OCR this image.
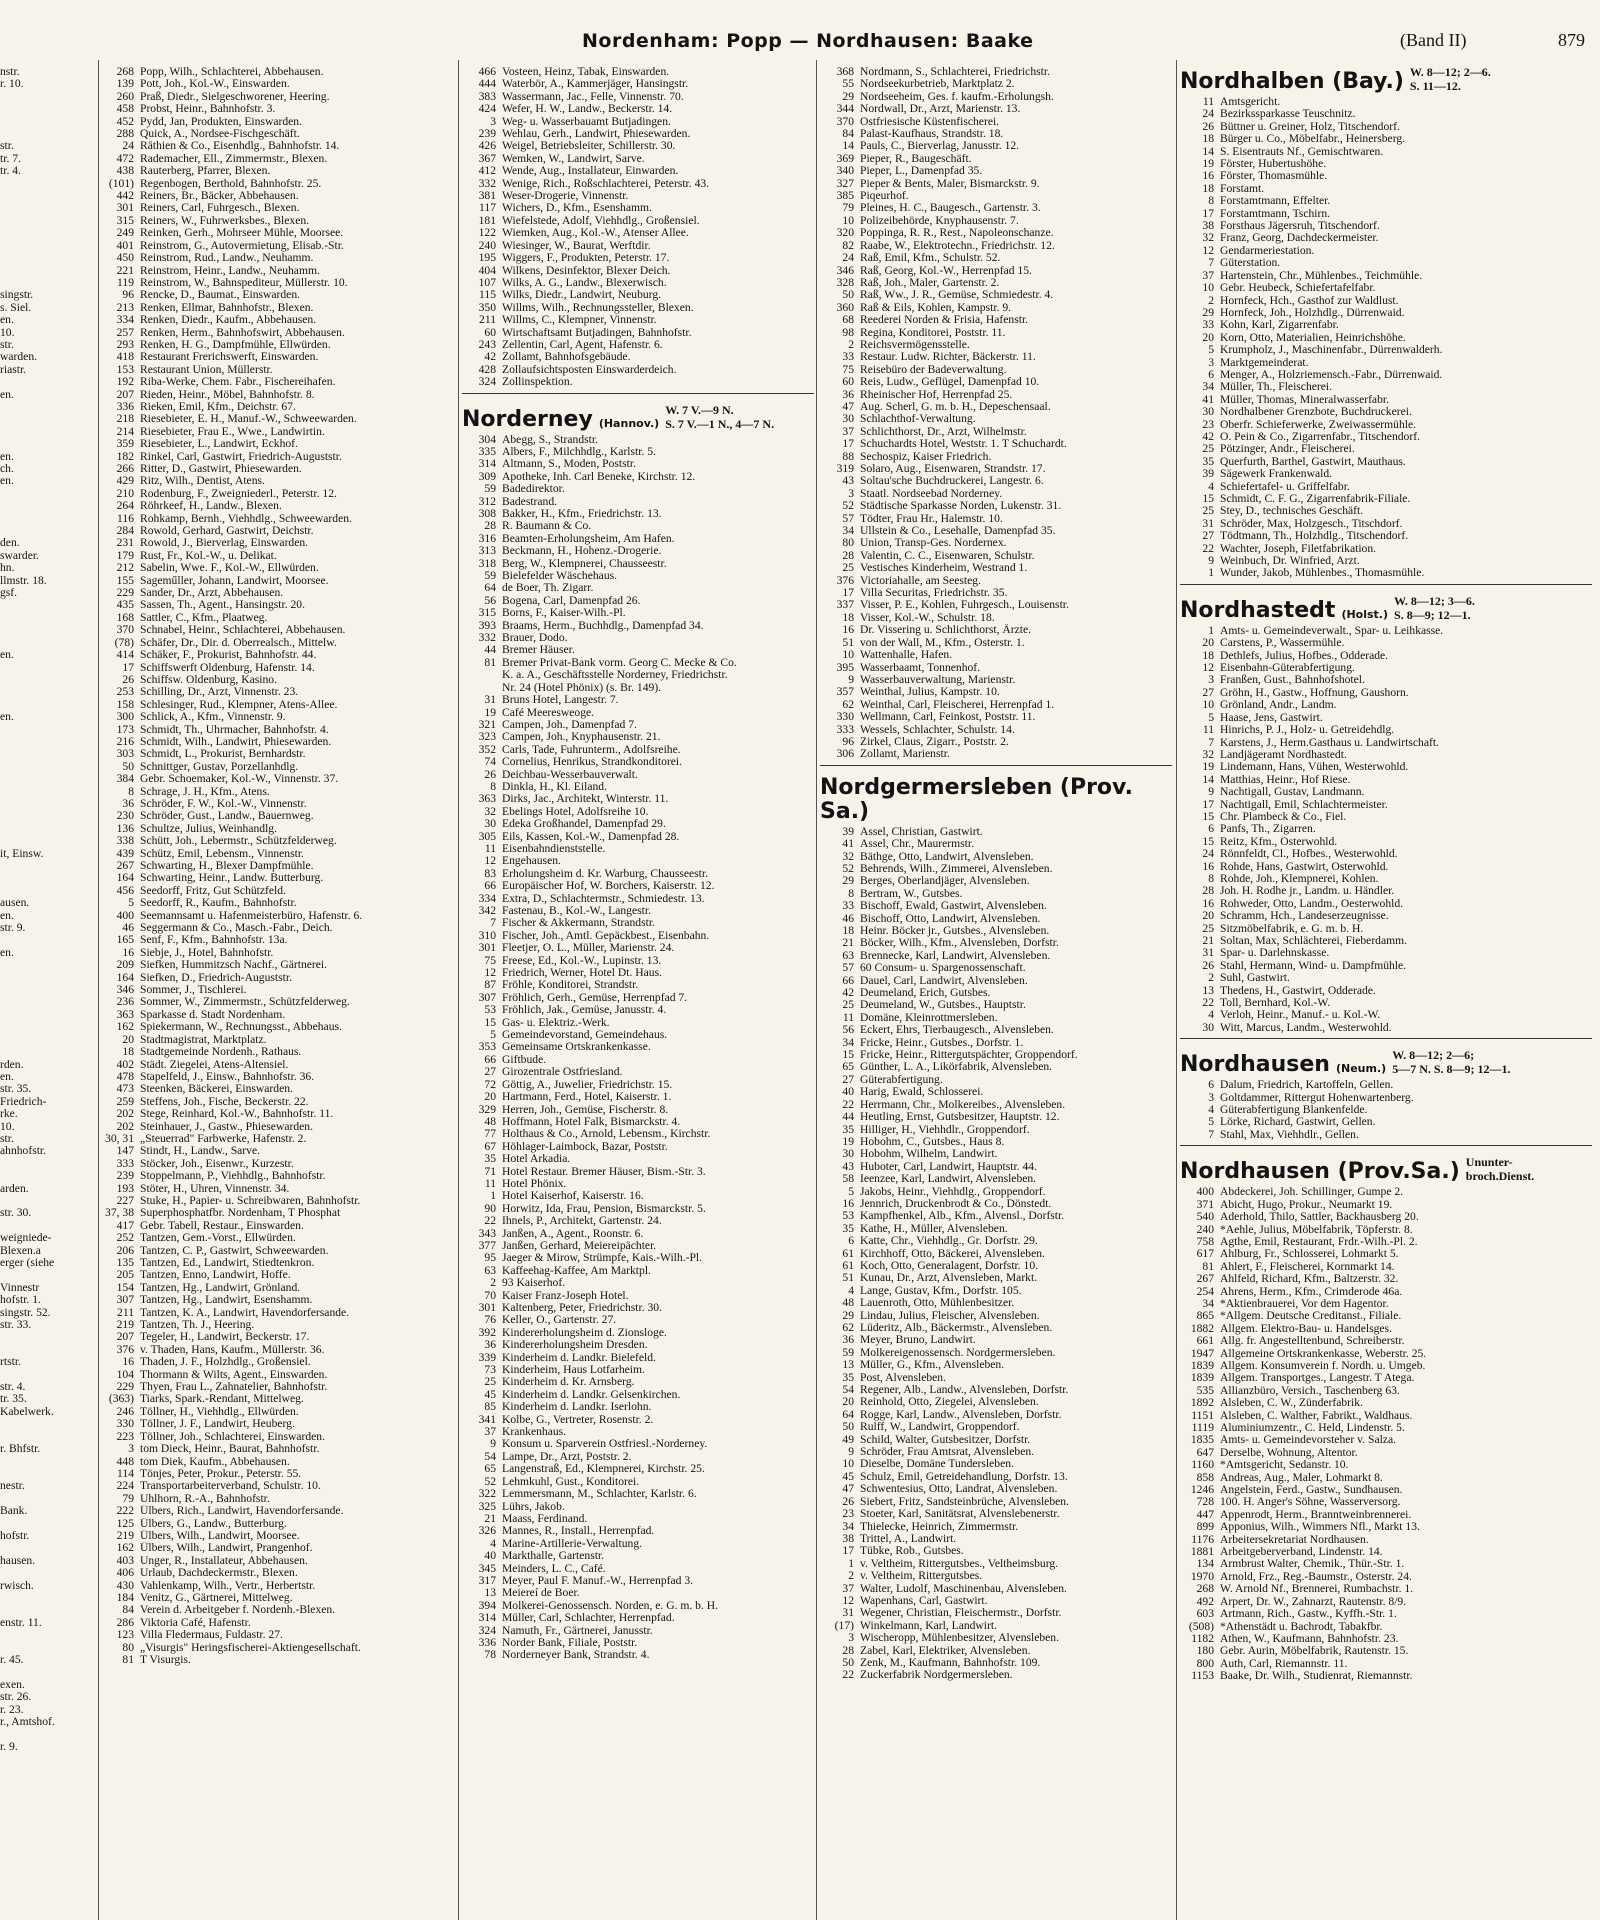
Nordenham: Popp — Nordhausen: Baake	(Band II)	879
nstr.
r. 10.

str.
tr. 7.
tr. 4.

singstr.
s. Siel.
en.
10.
str.
warden.
riastr.

en.

en.
ch.
en.

den.
swarder.
hn.
llmstr. 18.
gsf.

en.

en.

it, Einsw.

ausen.
en.
str. 9.

en.

rden.
en.
str. 35.
Friedrich-
rke.
10.
str.
ahnhofstr.

arden.

str. 30.

weigniede-
Blexen.a
erger (siehe

Vinnestr
hofstr. 1.
singstr. 52.
str. 33.

rtstr.

str. 4.
tr. 35.
Kabelwerk.

r. Bhfstr.

nestr.

Bank.

hofstr.

hausen.

rwisch.

enstr. 11.

r. 45.

exen.
str. 26.
r. 23.
r., Amtshof.

r. 9.
268 Popp, Wilh., Schlachterei, Abbehausen.
139 Pott, Joh., Kol.-W., Einswarden.
260 Praß, Diedr., Sielgeschworener, Heering.
458 Probst, Heinr., Bahnhofstr. 3.
452 Pydd, Jan, Produkten, Einswarden.
288 Quick, A., Nordsee-Fischgeschäft.
24 Räthien & Co., Eisenhdlg., Bahnhofstr. 14.
472 Rademacher, Ell., Zimmermstr., Blexen.
438 Rauterberg, Pfarrer, Blexen.
(101) Regenbogen, Berthold, Bahnhofstr. 25.
442 Reiners, Br., Bäcker, Abbehausen.
301 Reiners, Carl, Fuhrgesch., Blexen.
315 Reiners, W., Fuhrwerksbes., Blexen.
249 Reinken, Gerh., Mohrseer Mühle, Moorsee.
401 Reinstrom, G., Autovermietung, Elisab.-Str.
450 Reinstrom, Rud., Landw., Neuhamm.
221 Reinstrom, Heinr., Landw., Neuhamm.
119 Reinstrom, W., Bahnspediteur, Müllerstr. 10.
96 Rencke, D., Baumat., Einswarden.
213 Renken, Ellmar, Bahnhofstr., Blexen.
334 Renken, Diedr., Kaufm., Abbehausen.
257 Renken, Herm., Bahnhofswirt, Abbehausen.
293 Renken, H. G., Dampfmühle, Ellwürden.
418 Restaurant Frerichswerft, Einswarden.
153 Restaurant Union, Müllerstr.
192 Riba-Werke, Chem. Fabr., Fischereihafen.
207 Rieden, Heinr., Möbel, Bahnhofstr. 8.
336 Rieken, Emil, Kfm., Deichstr. 67.
218 Riesebieter, E. H., Manuf.-W., Schweewarden.
214 Riesebieter, Frau E., Wwe., Landwirtin.
359 Riesebieter, L., Landwirt, Eckhof.
182 Rinkel, Carl, Gastwirt, Friedrich-Auguststr.
266 Ritter, D., Gastwirt, Phiesewarden.
429 Ritz, Wilh., Dentist, Atens.
210 Rodenburg, F., Zweigniederl., Peterstr. 12.
264 Röhrkeef, H., Landw., Blexen.
116 Rohkamp, Bernh., Viehhdlg., Schweewarden.
284 Rowold, Gerhard, Gastwirt, Deichstr.
231 Rowold, J., Bierverlag, Einswarden.
179 Rust, Fr., Kol.-W., u. Delikat.
212 Sabelin, Wwe. F., Kol.-W., Ellwürden.
155 Sageműller, Johann, Landwirt, Moorsee.
229 Sander, Dr., Arzt, Abbehausen.
435 Sassen, Th., Agent., Hansingstr. 20.
168 Sattler, C., Kfm., Plaatweg.
370 Schnabel, Heinr., Schlachterei, Abbehausen.
(78) Schäfer, Dr., Dir. d. Oberrealsch., Mittelw.
414 Schäker, F., Prokurist, Bahnhofstr. 44.
17 Schiffswerft Oldenburg, Hafenstr. 14.
26 Schiffsw. Oldenburg, Kasino.
253 Schilling, Dr., Arzt, Vinnenstr. 23.
158 Schlesinger, Rud., Klempner, Atens-Allee.
300 Schlick, A., Kfm., Vinnenstr. 9.
173 Schmidt, Th., Uhrmacher, Bahnhofstr. 4.
216 Schmidt, Wilh., Landwirt, Phiesewarden.
303 Schmidt, L., Prokurist, Bernhardstr.
50 Schnittger, Gustav, Porzellanhdlg.
384 Gebr. Schoemaker, Kol.-W., Vinnenstr. 37.
8 Schrage, J. H., Kfm., Atens.
36 Schröder, F. W., Kol.-W., Vinnenstr.
230 Schröder, Gust., Landw., Bauernweg.
136 Schultze, Julius, Weinhandlg.
338 Schütt, Joh., Lebermstr., Schützfelderweg.
439 Schütz, Emil, Lebensm., Vinnenstr.
267 Schwarting, H., Blexer Dampfmühle.
164 Schwarting, Heinr., Landw. Butterburg.
456 Seedorff, Fritz, Gut Schützfeld.
5 Seedorff, R., Kaufm., Bahnhofstr.
400 Seemannsamt u. Hafenmeisterbüro, Hafenstr. 6.
46 Seggermann & Co., Masch.-Fabr., Deich.
165 Senf, F., Kfm., Bahnhofstr. 13a.
16 Siebje, J., Hotel, Bahnhofstr.
209 Siefken, Hummitzsch Nachf., Gärtnerei.
164 Siefken, D., Friedrich-Auguststr.
346 Sommer, J., Tischlerei.
236 Sommer, W., Zimmermstr., Schützfelderweg.
363 Sparkasse d. Stadt Nordenham.
162 Spiekermann, W., Rechnungsst., Abbehaus.
20 Stadtmagistrat, Marktplatz.
18 Stadtgemeinde Nordenh., Rathaus.
402 Städt. Ziegelei, Atens-Altensiel.
478 Stapelfeld, J., Einsw., Bahnhofstr. 36.
473 Steenken, Bäckerei, Einswarden.
259 Steffens, Joh., Fische, Beckerstr. 22.
202 Stege, Reinhard, Kol.-W., Bahnhofstr. 11.
202 Steinhauer, J., Gastw., Phiesewarden.
30, 31 „Steuerrad" Farbwerke, Hafenstr. 2.
147 Stindt, H., Landw., Sarve.
333 Stöcker, Joh., Eisenwr., Kurzestr.
239 Stoppelmann, P., Viehhdlg., Bahnhofstr.
193 Stöter, H., Uhren, Vinnenstr. 34.
227 Stuke, H., Papier- u. Schreibwaren, Bahnhofstr.
37, 38 Superphosphatfbr. Nordenham, T Phosphat
417 Gebr. Tabell, Restaur., Einswarden.
252 Tantzen, Gem.-Vorst., Ellwürden.
206 Tantzen, C. P., Gastwirt, Schweewarden.
135 Tantzen, Ed., Landwirt, Stiedtenkron.
205 Tantzen, Enno, Landwirt, Hoffe.
154 Tantzen, Hg., Landwirt, Grönland.
307 Tantzen, Hg., Landwirt, Esenshamm.
211 Tantzen, K. A., Landwirt, Havendorfersande.
219 Tantzen, Th. J., Heering.
207 Tegeler, H., Landwirt, Beckerstr. 17.
376 v. Thaden, Hans, Kaufm., Müllerstr. 36.
16 Thaden, J. F., Holzhdlg., Großensiel.
104 Thormann & Wilts, Agent., Einswarden.
229 Thyen, Frau L., Zahnatelier, Bahnhofstr.
(363) Tiarks, Spark.-Rendant, Mittelweg.
246 Töllner, H., Viehhdlg., Ellwürden.
330 Töllner, J. F., Landwirt, Heuberg.
223 Töllner, Joh., Schlachterei, Einswarden.
3 tom Dieck, Heinr., Baurat, Bahnhofstr.
448 tom Diek, Kaufm., Abbehausen.
114 Tönjes, Peter, Prokur., Peterstr. 55.
224 Transportarbeiterverband, Schulstr. 10.
79 Uhlhorn, R.-A., Bahnhofstr.
222 Ülbers, Rich., Landwirt, Havendorfersande.
125 Ülbers, G., Landw., Butterburg.
219 Ülbers, Wilh., Landwirt, Moorsee.
162 Ülbers, Wilh., Landwirt, Prangenhof.
403 Unger, R., Installateur, Abbehausen.
406 Urlaub, Dachdeckermstr., Blexen.
430 Vahlenkamp, Wilh., Vertr., Herbertstr.
184 Venitz, G., Gärtnerei, Mittelweg.
84 Verein d. Arbeitgeber f. Nordenh.-Blexen.
286 Viktoria Café, Hafenstr.
123 Villa Fledermaus, Fuldastr. 27.
80 „Visurgis" Heringsfischerei-Aktiengesellschaft.
81 T Visurgis.
466 Vosteen, Heinz, Tabak, Einswarden.
444 Waterbör, A., Kammerjäger, Hansingstr.
383 Wassermann, Jac., Felle, Vinnenstr. 70.
424 Wefer, H. W., Landw., Beckerstr. 14.
3 Weg- u. Wasserbauamt Butjadingen.
239 Wehlau, Gerh., Landwirt, Phiesewarden.
426 Weigel, Betriebsleiter, Schillerstr. 30.
367 Wemken, W., Landwirt, Sarve.
412 Wende, Aug., Installateur, Einwarden.
332 Wenige, Rich., Roßschlachterei, Peterstr. 43.
381 Weser-Drogerie, Vinnenstr.
117 Wichers, D., Kfm., Esenshamm.
181 Wiefelstede, Adolf, Viehhdlg., Großensiel.
122 Wiemken, Aug., Kol.-W., Atenser Allee.
240 Wiesinger, W., Baurat, Werftdir.
195 Wiggers, F., Produkten, Peterstr. 17.
404 Wilkens, Desinfektor, Blexer Deich.
107 Wilks, A. G., Landw., Blexerwisch.
115 Wilks, Diedr., Landwirt, Neuburg.
350 Willms, Wilh., Rechnungssteller, Blexen.
211 Willms, C., Klempner, Vinnenstr.
60 Wirtschaftsamt Butjadingen, Bahnhofstr.
243 Zellentin, Carl, Agent, Hafenstr. 6.
42 Zollamt, Bahnhofsgebäude.
428 Zollaufsichtsposten Einswarderdeich.
324 Zollinspektion.
Norderney (Hannov.)
W. 7 V.—9 N.
S. 7 V.—1 N., 4—7 N.
304 Abegg, S., Strandstr.
335 Albers, F., Milchhdlg., Karlstr. 5.
314 Altmann, S., Moden, Poststr.
309 Apotheke, Inh. Carl Beneke, Kirchstr. 12.
59 Badedirektor.
312 Badestrand.
308 Bakker, H., Kfm., Friedrichstr. 13.
28 R. Baumann & Co.
316 Beamten-Erholungsheim, Am Hafen.
313 Beckmann, H., Hohenz.-Drogerie.
318 Berg, W., Klempnerei, Chausseestr.
59 Bielefelder Wäschehaus.
64 de Boer, Th. Zigarr.
56 Bogena, Carl, Damenpfad 26.
315 Borns, F., Kaiser-Wilh.-Pl.
393 Braams, Herm., Buchhdlg., Damenpfad 34.
332 Brauer, Dodo.
44 Bremer Häuser.
81 Bremer Privat-Bank vorm. Georg C. Mecke & Co.
K. a. A., Geschäftsstelle Norderney, Friedrichstr.
Nr. 24 (Hotel Phönix) (s. Br. 149).
31 Bruns Hotel, Langestr. 7.
19 Café Meeresweoge.
321 Campen, Joh., Damenpfad 7.
323 Campen, Joh., Knyphausenstr. 21.
352 Carls, Tade, Fuhrunterm., Adolfsreihe.
74 Cornelius, Henrikus, Strandkonditorei.
26 Deichbau-Wesserbauverwalt.
8 Dinkla, H., Kl. Eiland.
363 Dirks, Jac., Architekt, Winterstr. 11.
32 Ebelings Hotel, Adolfsreihe 10.
30 Edeka Großhandel, Damenpfad 29.
305 Eils, Kassen, Kol.-W., Damenpfad 28.
11 Eisenbahndienststelle.
12 Engehausen.
83 Erholungsheim d. Kr. Warburg, Chausseestr.
66 Europäischer Hof, W. Borchers, Kaiserstr. 12.
334 Extra, D., Schlachtermstr., Schmiedestr. 13.
342 Fastenau, B., Kol.-W., Langestr.
7 Fischer & Akkermann, Strandstr.
310 Fischer, Joh., Amtl. Gepäckbest., Eisenbahn.
301 Fleetjer, O. L., Müller, Marienstr. 24.
75 Freese, Ed., Kol.-W., Lupinstr. 13.
12 Friedrich, Werner, Hotel Dt. Haus.
87 Fröhle, Konditorei, Strandstr.
307 Fröhlich, Gerh., Gemüse, Herrenpfad 7.
53 Fröhlich, Jak., Gemüse, Janusstr. 4.
15 Gas- u. Elektriz.-Werk.
5 Gemeindevorstand, Gemeindehaus.
353 Gemeinsame Ortskrankenkasse.
66 Giftbude.
27 Girozentrale Ostfriesland.
72 Göttig, A., Juwelier, Friedrichstr. 15.
20 Hartmann, Ferd., Hotel, Kaiserstr. 1.
329 Herren, Joh., Gemüse, Fischerstr. 8.
48 Hoffmann, Hotel Falk, Bismarckstr. 4.
77 Holthaus & Co., Arnold, Lebensm., Kirchstr.
67 Höhlager-Laimbock, Bazar, Poststr.
35 Hotel Arkadia.
71 Hotel Restaur. Bremer Häuser, Bism.-Str. 3.
11 Hotel Phönix.
1 Hotel Kaiserhof, Kaiserstr. 16.
90 Horwitz, Ida, Frau, Pension, Bismarckstr. 5.
22 Ihnels, P., Architekt, Gartenstr. 24.
343 Janßen, A., Agent., Roonstr. 6.
377 Janßen, Gerhard, Meiereipächter.
95 Jaeger & Mirow, Strümpfe, Kais.-Wilh.-Pl.
63 Kaffeehag-Kaffee, Am Marktpl.
2 93 Kaiserhof.
70 Kaiser Franz-Joseph Hotel.
301 Kaltenberg, Peter, Friedrichstr. 30.
76 Keller, O., Gartenstr. 27.
392 Kindererholungsheim d. Zionsloge.
36 Kindererholungsheim Dresden.
339 Kinderheim d. Landkr. Bielefeld.
73 Kinderheim, Haus Lotfarheim.
25 Kinderheim d. Kr. Arnsberg.
45 Kinderheim d. Landkr. Gelsenkirchen.
85 Kinderheim d. Landkr. Iserlohn.
341 Kolbe, G., Vertreter, Rosenstr. 2.
37 Krankenhaus.
9 Konsum u. Sparverein Ostfriesl.-Norderney.
54 Lampe, Dr., Arzt, Poststr. 2.
65 Langenstraß, Ed., Klempnerei, Kirchstr. 25.
52 Lehmkuhl, Gust., Konditorei.
322 Lemmersmann, M., Schlachter, Karlstr. 6.
325 Lührs, Jakob.
21 Maass, Ferdinand.
326 Mannes, R., Install., Herrenpfad.
4 Marine-Artillerie-Verwaltung.
40 Markthalle, Gartenstr.
345 Meinders, L. C., Café.
317 Meyer, Paul F. Manuf.-W., Herrenpfad 3.
13 Meiereí de Boer.
394 Molkerei-Genossensch. Norden, e. G. m. b. H.
314 Müller, Carl, Schlachter, Herrenpfad.
324 Namuth, Fr., Gärtnerei, Janusstr.
336 Norder Bank, Filiale, Poststr.
78 Norderneyer Bank, Strandstr. 4.
368 Nordmann, S., Schlachterei, Friedrichstr.
55 Nordseekurbetrieb, Marktplatz 2.
29 Nordseeheim, Ges. f. kaufm.-Erholungsh.
344 Nordwall, Dr., Arzt, Marienstr. 13.
370 Ostfriesische Küstenfischerei.
84 Palast-Kaufhaus, Strandstr. 18.
14 Pauls, C., Bierverlag, Janusstr. 12.
369 Pieper, R., Baugeschäft.
340 Pieper, L., Damenpfad 35.
327 Pieper & Bents, Maler, Bismarckstr. 9.
385 Piqeurhof.
79 Pleines, H. C., Baugesch., Gartenstr. 3.
10 Polizeibehörde, Knyphausenstr. 7.
320 Poppinga, R. R., Rest., Napoleonschanze.
82 Raabe, W., Elektrotechn., Friedrichstr. 12.
24 Raß, Emil, Kfm., Schulstr. 52.
346 Raß, Georg, Kol.-W., Herrenpfad 15.
328 Raß, Joh., Maler, Gartenstr. 2.
50 Raß, Ww., J. R., Gemüse, Schmiedestr. 4.
360 Raß & Eils, Kohlen, Kampstr. 9.
68 Reederei Norden & Frisia, Hafenstr.
98 Regina, Konditorei, Poststr. 11.
2 Reichsvermögensstelle.
33 Restaur. Ludw. Richter, Bäckerstr. 11.
75 Reisebüro der Badeverwaltung.
60 Reis, Ludw., Geflügel, Damenpfad 10.
36 Rheinischer Hof, Herrenpfad 25.
47 Aug. Scherl, G. m. b. H., Depeschensaal.
30 Schlachthof-Verwaltung.
37 Schlichthorst, Dr., Arzt, Wilhelmstr.
17 Schuchardts Hotel, Weststr. 1. T Schuchardt.
88 Sechospiz, Kaiser Friedrich.
319 Solaro, Aug., Eisenwaren, Strandstr. 17.
43 Soltau'sche Buchdruckerei, Langestr. 6.
3 Staatl. Nordseebad Norderney.
52 Städtische Sparkasse Norden, Lukenstr. 31.
57 Tödter, Frau Hr., Halemstr. 10.
34 Ullstein & Co., Lesehalle, Damenpfad 35.
80 Union, Transp-Ges. Nordernex.
28 Valentin, C. C., Eisenwaren, Schulstr.
25 Vestisches Kinderheim, Westrand 1.
376 Victoriahalle, am Seesteg.
17 Villa Securitas, Friedrichstr. 35.
337 Visser, P. E., Kohlen, Fuhrgesch., Louisenstr.
18 Visser, Kol.-W., Schulstr. 18.
16 Dr. Vissering u. Schlichthorst, Ärzte.
51 von der Wall, M., Kfm., Osterstr. 1.
10 Wattenhalle, Hafen.
395 Wasserbaamt, Tonnenhof.
9 Wasserbauverwaltung, Marienstr.
357 Weinthal, Julius, Kampstr. 10.
62 Weinthal, Carl, Fleischerei, Herrenpfad 1.
330 Wellmann, Carl, Feinkost, Poststr. 11.
333 Wessels, Schlachter, Schulstr. 14.
96 Zirkel, Claus, Zigarr., Poststr. 2.
306 Zollamt, Marienstr.
Nordgermersleben (Prov. Sa.)
39 Assel, Christian, Gastwirt.
41 Assel, Chr., Maurermstr.
32 Bäthge, Otto, Landwirt, Alvensleben.
52 Behrends, Wilh., Zimmerei, Alvensleben.
29 Berges, Oberlandjäger, Alvensleben.
8 Bertram, W., Gutsbes.
33 Bischoff, Ewald, Gastwirt, Alvensleben.
46 Bischoff, Otto, Landwirt, Alvensleben.
18 Heinr. Böcker jr., Gutsbes., Alvensleben.
21 Böcker, Wilh., Kfm., Alvensleben, Dorfstr.
63 Brennecke, Karl, Landwirt, Alvensleben.
57 60 Consum- u. Spargenossenschaft.
66 Dauel, Carl, Landwirt, Alvensleben.
42 Deumeland, Erich, Gutsbes.
25 Deumeland, W., Gutsbes., Hauptstr.
11 Domäne, Kleinrottmersleben.
56 Eckert, Ehrs, Tierbaugesch., Alvensleben.
34 Fricke, Heinr., Gutsbes., Dorfstr. 1.
15 Fricke, Heinr., Rittergutspächter, Groppendorf.
65 Günther, L. A., Likörfabrik, Alvensleben.
27 Güterabfertigung.
40 Harig, Ewald, Schlosserei.
22 Herrmann, Chr., Molkereibes., Alvensleben.
44 Heutling, Ernst, Gutsbesitzer, Hauptstr. 12.
35 Hilliger, H., Viehhdlr., Groppendorf.
19 Hobohm, C., Gutsbes., Haus 8.
30 Hobohm, Wilhelm, Landwirt.
43 Huboter, Carl, Landwirt, Hauptstr. 44.
58 Ieenzee, Karl, Landwirt, Alvensleben.
5 Jakobs, Heinr., Viehhdlg., Groppendorf.
16 Jennrich, Druckenbrodt & Co., Dönstedt.
53 Kampfhenkel, Alb., Kfm., Alvensl., Dorfstr.
35 Kathe, H., Müller, Alvensleben.
6 Katte, Chr., Viehhdlg., Gr. Dorfstr. 29.
61 Kirchhoff, Otto, Bäckerei, Alvensleben.
61 Koch, Otto, Generalagent, Dorfstr. 10.
51 Kunau, Dr., Arzt, Alvensleben, Markt.
4 Lange, Gustav, Kfm., Dorfstr. 105.
48 Lauenroth, Otto, Mühlenbesitzer.
29 Lindau, Julius, Fleischer, Alvensleben.
62 Lüderitz, Alb., Bäckermstr., Alvensleben.
36 Meyer, Bruno, Landwirt.
59 Molkereigenossensch. Nordgermersleben.
13 Müller, G., Kfm., Alvensleben.
35 Post, Alvensleben.
54 Regener, Alb., Landw., Alvensleben, Dorfstr.
20 Reinhold, Otto, Ziegelei, Alvensleben.
64 Rogge, Karl, Landw., Alvensleben, Dorfstr.
50 Rulff, W., Landwirt, Groppendorf.
49 Schild, Walter, Gutsbesitzer, Dorfstr.
9 Schröder, Frau Amtsrat, Alvensleben.
10 Dieselbe, Domäne Tundersleben.
45 Schulz, Emil, Getreidehandlung, Dorfstr. 13.
47 Schwentesius, Otto, Landrat, Alvensleben.
26 Siebert, Fritz, Sandsteinbrüche, Alvensleben.
23 Stoeter, Karl, Sanitätsrat, Alvenslebenerstr.
34 Thielecke, Heinrich, Zimmermstr.
38 Trittel, A., Landwirt.
17 Tübke, Rob., Gutsbes.
1 v. Veltheim, Rittergutsbes., Veltheimsburg.
2 v. Veltheim, Rittergutsbes.
37 Walter, Ludolf, Maschinenbau, Alvensleben.
12 Wapenhans, Carl, Gastwirt.
31 Wegener, Christian, Fleischermstr., Dorfstr.
(17) Winkelmann, Karl, Landwirt.
3 Wischeropp, Mühlenbesitzer, Alvensleben.
28 Zabel, Karl, Elektriker, Alvensleben.
50 Zenk, M., Kaufmann, Bahnhofstr. 109.
22 Zuckerfabrik Nordgermersleben.
Nordhalben (Bay.) W. 8—12; 2—6.
S. 11—12.
11 Amtsgericht.
24 Bezirkssparkasse Teuschnitz.
26 Büttner u. Greiner, Holz, Titschendorf.
18 Bürger u. Co., Möbelfabr., Heinersberg.
14 S. Eisentrauts Nf., Gemischtwaren.
19 Förster, Hubertushöhe.
16 Förster, Thomasmühle.
18 Forstamt.
8 Forstamtmann, Effelter.
17 Forstamtmann, Tschirn.
38 Forsthaus Jägersruh, Titschendorf.
32 Franz, Georg, Dachdeckermeister.
12 Gendarmeriestation.
7 Güterstation.
37 Hartenstein, Chr., Mühlenbes., Teichmühle.
10 Gebr. Heubeck, Schiefertafelfabr.
2 Hornfeck, Hch., Gasthof zur Waldlust.
29 Hornfeck, Joh., Holzhdlg., Dürrenwaid.
33 Kohn, Karl, Zigarrenfabr.
20 Korn, Otto, Materialien, Heinrichshöhe.
5 Krumpholz, J., Maschinenfabr., Dürrenwalderh.
3 Marktgemeinderat.
6 Menger, A., Holzriemensch.-Fabr., Dürrenwaid.
34 Müller, Th., Fleischerei.
41 Müller, Thomas, Mineralwasserfabr.
30 Nordhalbener Grenzbote, Buchdruckerei.
23 Oberfr. Schieferwerke, Zweiwassermühle.
42 O. Pein & Co., Zigarrenfabr., Titschendorf.
25 Pötzinger, Andr., Fleischerei.
35 Querfurth, Barthel, Gastwirt, Mauthaus.
39 Sägewerk Frankenwald.
4 Schiefertafel- u. Griffelfabr.
15 Schmidt, C. F. G., Zigarrenfabrik-Filiale.
25 Stey, D., technisches Geschäft.
31 Schröder, Max, Holzgesch., Titschdorf.
27 Tödtmann, Th., Holzhdlg., Titschendorf.
22 Wachter, Joseph, Filetfabrikation.
9 Weinbuch, Dr. Winfried, Arzt.
1 Wunder, Jakob, Mühlenbes., Thomasmühle.
Nordhastedt (Holst.)
W. 8—12; 3—6.
S. 8—9; 12—1.
1 Amts- u. Gemeindeverwalt., Spar- u. Leihkasse.
20 Carstens, P., Wassermühle.
18 Dethlefs, Julius, Hofbes., Odderade.
12 Eisenbahn-Güterabfertigung.
3 Franßen, Gust., Bahnhofshotel.
27 Gröhn, H., Gastw., Hoffnung, Gaushorn.
10 Grönland, Andr., Landm.
5 Haase, Jens, Gastwirt.
11 Hinrichs, P. J., Holz- u. Getreidehdlg.
7 Karstens, J., Herm.Gasthaus u. Landwirtschaft.
32 Landjägeramt Nordhastedt.
19 Lindemann, Hans, Vühen, Westerwohld.
14 Matthias, Heinr., Hof Riese.
9 Nachtigall, Gustav, Landmann.
17 Nachtigall, Emil, Schlachtermeister.
15 Chr. Plambeck & Co., Fiel.
6 Panfs, Th., Zigarren.
15 Reitz, Kfm., Osterwohld.
24 Rönnfeldt, Cl., Hofbes., Westerwohld.
16 Rohde, Hans, Gastwirt, Osterwohld.
8 Rohde, Joh., Klempnerei, Kohlen.
28 Joh. H. Rodhe jr., Landm. u. Händler.
16 Rohweder, Otto, Landm., Oesterwohld.
20 Schramm, Hch., Landeserzeugnisse.
25 Sitzmöbelfabrik, e. G. m. b. H.
21 Soltan, Max, Schlächterei, Fieberdamm.
31 Spar- u. Darlehnskasse.
26 Stahl, Hermann, Wind- u. Dampfmühle.
2 Suhl, Gastwirt.
13 Thedens, H., Gastwirt, Odderade.
22 Toll, Bernhard, Kol.-W.
4 Verloh, Heinr., Manuf.- u. Kol.-W.
30 Witt, Marcus, Landm., Westerwohld.
Nordhausen (Neum.)
W. 8—12; 2—6;
5—7 N. S. 8—9; 12—1.
6 Dalum, Friedrich, Kartoffeln, Gellen.
3 Goltdammer, Rittergut Hohenwartenberg.
4 Güterabfertigung Blankenfelde.
5 Lörke, Richard, Gastwirt, Gellen.
7 Stahl, Max, Viehhdlr., Gellen.
Nordhausen (Prov.Sa.) Ununter-
broch.Dienst.
400 Abdeckerei, Joh. Schillinger, Gumpe 2.
371 Abicht, Hugo, Prokur., Neumarkt 19.
540 Aderhold, Thilo, Sattler, Backhausberg 20.
240 *Aehle, Julius, Möbelfabrik, Töpferstr. 8.
758 Agthe, Emil, Restaurant, Frdr.-Wilh.-Pl. 2.
617 Ahlburg, Fr., Schlosserei, Lohmarkt 5.
81 Ahlert, F., Fleischerei, Kornmarkt 14.
267 Ahlfeld, Richard, Kfm., Baltzerstr. 32.
254 Ahrens, Herm., Kfm., Crimderode 46a.
34 *Aktienbrauerei, Vor dem Hagentor.
865 *Allgem. Deutsche Creditanst., Filiale.
1882 Allgem. Elektro-Bau- u. Handelsges.
661 Allg. fr. Angestelltenbund, Schreiberstr.
1947 Allgemeine Ortskrankenkasse, Weberstr. 25.
1839 Allgem. Konsumverein f. Nordh. u. Umgeb.
1839 Allgem. Transportges., Langestr. T Atega.
535 Allianzbüro, Versich., Taschenberg 63.
1892 Alsleben, C. W., Zünderfabrik.
1151 Alsleben, C. Walther, Fabrikt., Waldhaus.
1119 Aluminiumzentr., C. Held, Lindenstr. 5.
1835 Amts- u. Gemeindevorsteher v. Salza.
647 Derselbe, Wohnung, Altentor.
1160 *Amtsgericht, Sedanstr. 10.
858 Andreas, Aug., Maler, Lohmarkt 8.
1246 Angelstein, Ferd., Gastw., Sundhausen.
728 100. H. Anger's Söhne, Wasserversorg.
447 Appenrodt, Herm., Branntweinbrennerei.
899 Apponius, Wilh., Wimmers Nfl., Markt 13.
1176 Arbeitersekretariat Nordhausen.
1881 Arbeitgeberverband, Lindenstr. 14.
134 Armbrust Walter, Chemik., Thür.-Str. 1.
1970 Arnold, Frz., Reg.-Baumstr., Osterstr. 24.
268 W. Arnold Nf., Brennerei, Rumbachstr. 1.
492 Arpert, Dr. W., Zahnarzt, Rautenstr. 8/9.
603 Artmann, Rich., Gastw., Kyffh.-Str. 1.
(508) *Athenstädt u. Bachrodt, Tabakfbr.
1182 Athen, W., Kaufmann, Bahnhofstr. 23.
180 Gebr. Aurin, Möbelfabrik, Rautenstr. 15.
800 Auth, Carl, Riemannstr. 11.
1153 Baake, Dr. Wilh., Studienrat, Riemannstr.
